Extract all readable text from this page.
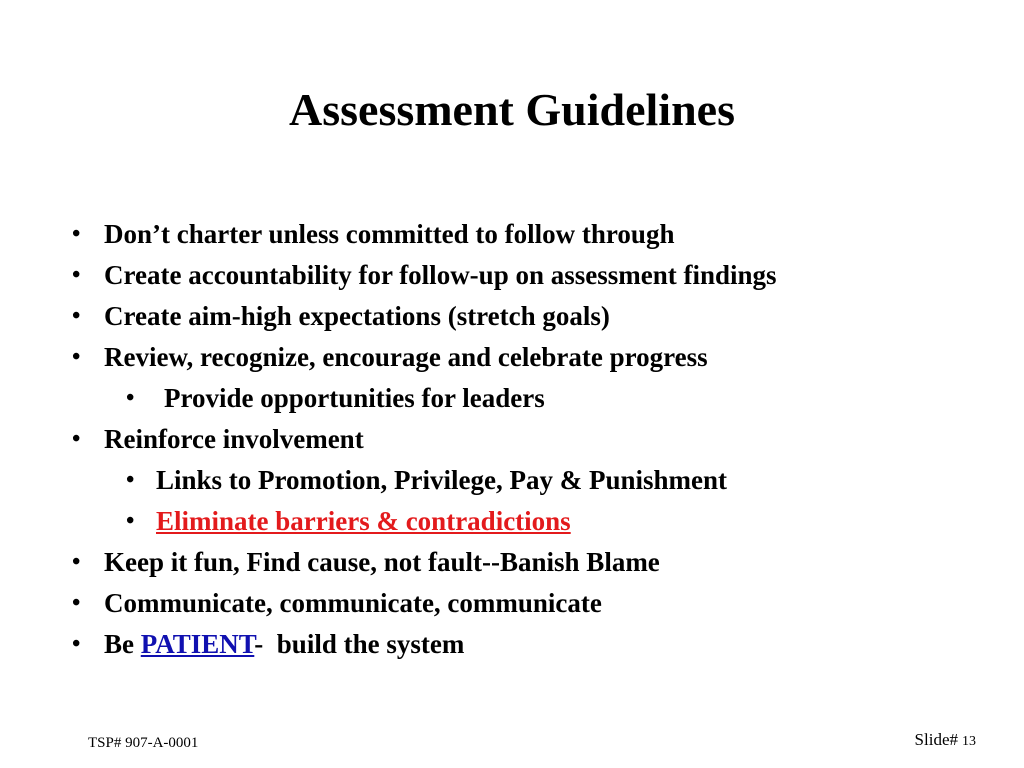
Assessment Guidelines
• Don’t charter unless committed to follow through
• Create accountability for follow-up on assessment findings
• Create aim-high expectations (stretch goals)
• Review, recognize, encourage and celebrate progress
• Provide opportunities for leaders
• Reinforce involvement
• Links to Promotion, Privilege, Pay & Punishment
• Eliminate barriers & contradictions
• Keep it fun, Find cause, not fault--Banish Blame
• Communicate, communicate, communicate
• Be PATIENT-  build the system
TSP# 907-A-0001	Slide# 13
